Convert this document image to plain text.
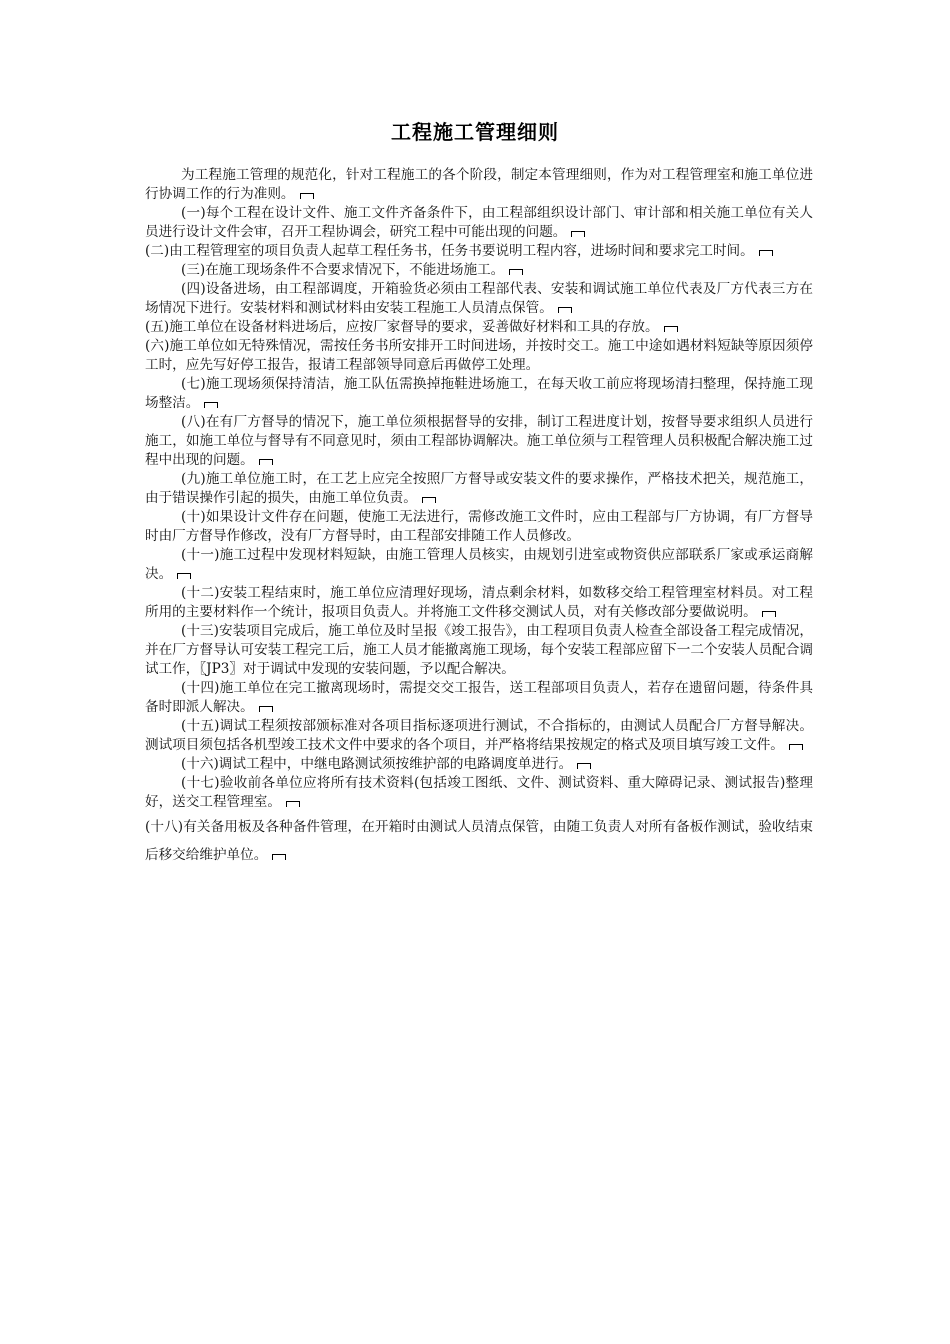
工程施工管理细则

为工程施工管理的规范化，针对工程施工的各个阶段，制定本管理细则，作为对工程管理室和施工单位进行协调工作的行为准则。

(一)每个工程在设计文件、施工文件齐备条件下，由工程部组织设计部门、审计部和相关施工单位有关人员进行设计文件会审，召开工程协调会，研究工程中可能出现的问题。

(二)由工程管理室的项目负责人起草工程任务书，任务书要说明工程内容，进场时间和要求完工时间。

(三)在施工现场条件不合要求情况下，不能进场施工。

(四)设备进场，由工程部调度，开箱验货必须由工程部代表、安装和调试施工单位代表及厂方代表三方在场情况下进行。安装材料和测试材料由安装工程施工人员清点保管。

(五)施工单位在设备材料进场后，应按厂家督导的要求，妥善做好材料和工具的存放。

(六)施工单位如无特殊情况，需按任务书所安排开工时间进场，并按时交工。施工中途如遇材料短缺等原因须停工时，应先写好停工报告，报请工程部领导同意后再做停工处理。

(七)施工现场须保持清洁，施工队伍需换掉拖鞋进场施工，在每天收工前应将现场清扫整理，保持施工现场整洁。

(八)在有厂方督导的情况下，施工单位须根据督导的安排，制订工程进度计划，按督导要求组织人员进行施工，如施工单位与督导有不同意见时，须由工程部协调解决。施工单位须与工程管理人员积极配合解决施工过程中出现的问题。

(九)施工单位施工时，在工艺上应完全按照厂方督导或安装文件的要求操作，严格技术把关，规范施工，由于错误操作引起的损失，由施工单位负责。

(十)如果设计文件存在问题，使施工无法进行，需修改施工文件时，应由工程部与厂方协调，有厂方督导时由厂方督导作修改，没有厂方督导时，由工程部安排随工作人员修改。

(十一)施工过程中发现材料短缺，由施工管理人员核实，由规划引进室或物资供应部联系厂家或承运商解决。

(十二)安装工程结束时，施工单位应清理好现场，清点剩余材料，如数移交给工程管理室材料员。对工程所用的主要材料作一个统计，报项目负责人。并将施工文件移交测试人员，对有关修改部分要做说明。

(十三)安装项目完成后，施工单位及时呈报《竣工报告》，由工程项目负责人检查全部设备工程完成情况，并在厂方督导认可安装工程完工后，施工人员才能撤离施工现场，每个安装工程部应留下一二个安装人员配合调试工作，〖JP3〗对于调试中发现的安装问题，予以配合解决。

(十四)施工单位在完工撤离现场时，需提交交工报告，送工程部项目负责人，若存在遗留问题，待条件具备时即派人解决。

(十五)调试工程须按部颁标准对各项目指标逐项进行测试，不合指标的，由测试人员配合厂方督导解决。测试项目须包括各机型竣工技术文件中要求的各个项目，并严格将结果按规定的格式及项目填写竣工文件。

(十六)调试工程中，中继电路测试须按维护部的电路调度单进行。

(十七)验收前各单位应将所有技术资料(包括竣工图纸、文件、测试资料、重大障碍记录、测试报告)整理好，送交工程管理室。

(十八)有关备用板及各种备件管理，在开箱时由测试人员清点保管，由随工负责人对所有备板作测试，验收结束后移交给维护单位。
